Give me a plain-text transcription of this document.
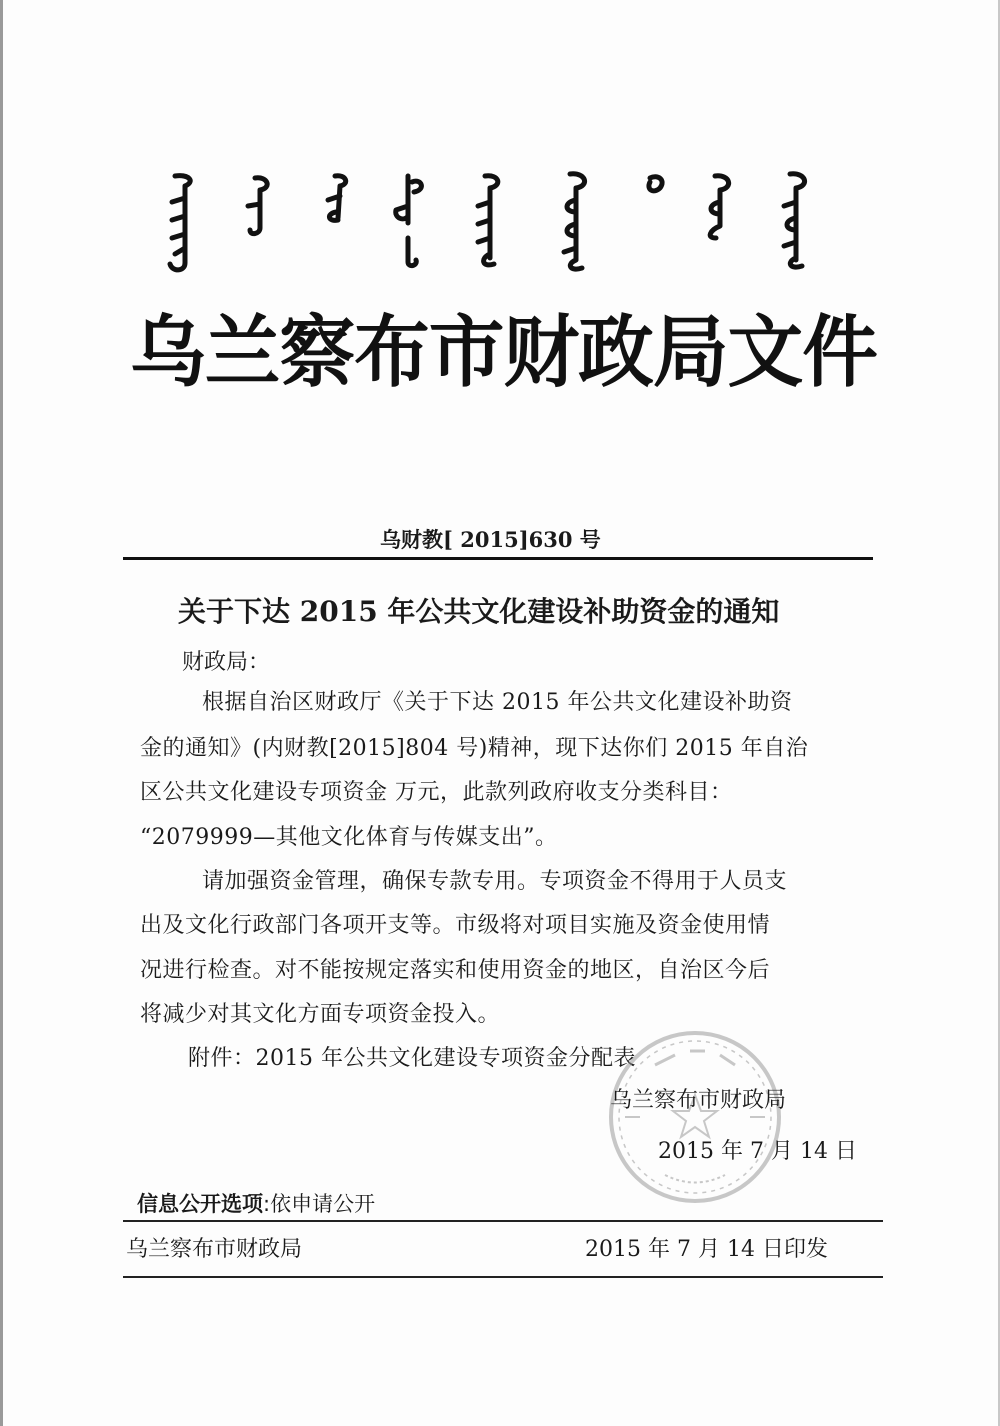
乌兰察布市财政局文件
乌财教[ 2015]630 号
关于下达 2015 年公共文化建设补助资金的通知
财政局：
根据自治区财政厅《关于下达 2015 年公共文化建设补助资
金的通知》(内财教[2015]804 号)精神，现下达你们 2015 年自治
区公共文化建设专项资金 万元，此款列政府收支分类科目：
“2079999—其他文化体育与传媒支出”。
请加强资金管理，确保专款专用。专项资金不得用于人员支
出及文化行政部门各项开支等。市级将对项目实施及资金使用情
况进行检查。对不能按规定落实和使用资金的地区，自治区今后
将减少对其文化方面专项资金投入。
附件：2015 年公共文化建设专项资金分配表
乌兰察布市财政局
2015 年 7 月 14 日
信息公开选项:依申请公开
乌兰察布市财政局	2015 年 7 月 14 日印发
